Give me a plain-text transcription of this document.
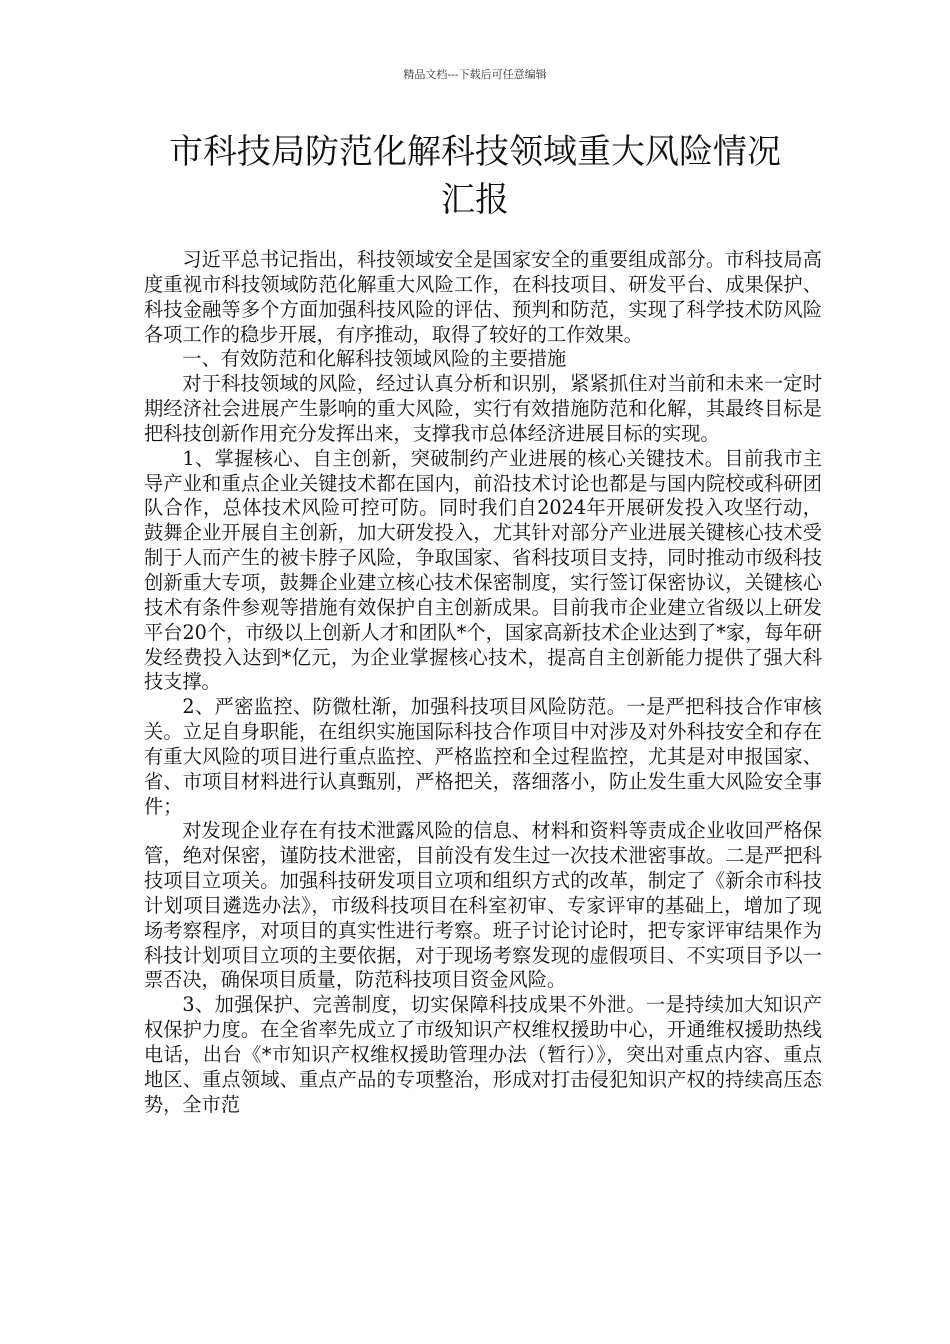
精品文档---下载后可任意编辑
市科技局防范化解科技领域重大风险情况
汇报

习近平总书记指出，科技领域安全是国家安全的重要组成部分。市科技局高度重视市科技领域防范化解重大风险工作，在科技项目、研发平台、成果保护、科技金融等多个方面加强科技风险的评估、预判和防范，实现了科学技术防风险各项工作的稳步开展，有序推动，取得了较好的工作效果。

一、有效防范和化解科技领域风险的主要措施

对于科技领域的风险，经过认真分析和识别，紧紧抓住对当前和未来一定时期经济社会进展产生影响的重大风险，实行有效措施防范和化解，其最终目标是把科技创新作用充分发挥出来，支撑我市总体经济进展目标的实现。

1、掌握核心、自主创新，突破制约产业进展的核心关键技术。目前我市主导产业和重点企业关键技术都在国内，前沿技术讨论也都是与国内院校或科研团队合作，总体技术风险可控可防。同时我们自2024年开展研发投入攻坚行动，鼓舞企业开展自主创新，加大研发投入，尤其针对部分产业进展关键核心技术受制于人而产生的被卡脖子风险，争取国家、省科技项目支持，同时推动市级科技创新重大专项，鼓舞企业建立核心技术保密制度，实行签订保密协议，关键核心技术有条件参观等措施有效保护自主创新成果。目前我市企业建立省级以上研发平台20个，市级以上创新人才和团队*个，国家高新技术企业达到了*家，每年研发经费投入达到*亿元，为企业掌握核心技术，提高自主创新能力提供了强大科技支撑。

2、严密监控、防微杜渐，加强科技项目风险防范。一是严把科技合作审核关。立足自身职能，在组织实施国际科技合作项目中对涉及对外科技安全和存在有重大风险的项目进行重点监控、严格监控和全过程监控，尤其是对申报国家、省、市项目材料进行认真甄别，严格把关，落细落小，防止发生重大风险安全事件；

对发现企业存在有技术泄露风险的信息、材料和资料等责成企业收回严格保管，绝对保密，谨防技术泄密，目前没有发生过一次技术泄密事故。二是严把科技项目立项关。加强科技研发项目立项和组织方式的改革，制定了《新余市科技计划项目遴选办法》，市级科技项目在科室初审、专家评审的基础上，增加了现场考察程序，对项目的真实性进行考察。班子讨论讨论时，把专家评审结果作为科技计划项目立项的主要依据，对于现场考察发现的虚假项目、不实项目予以一票否决，确保项目质量，防范科技项目资金风险。

3、加强保护、完善制度，切实保障科技成果不外泄。一是持续加大知识产权保护力度。在全省率先成立了市级知识产权维权援助中心，开通维权援助热线电话，出台《*市知识产权维权援助管理办法（暂行）》，突出对重点内容、重点地区、重点领域、重点产品的专项整治，形成对打击侵犯知识产权的持续高压态势，全市范
